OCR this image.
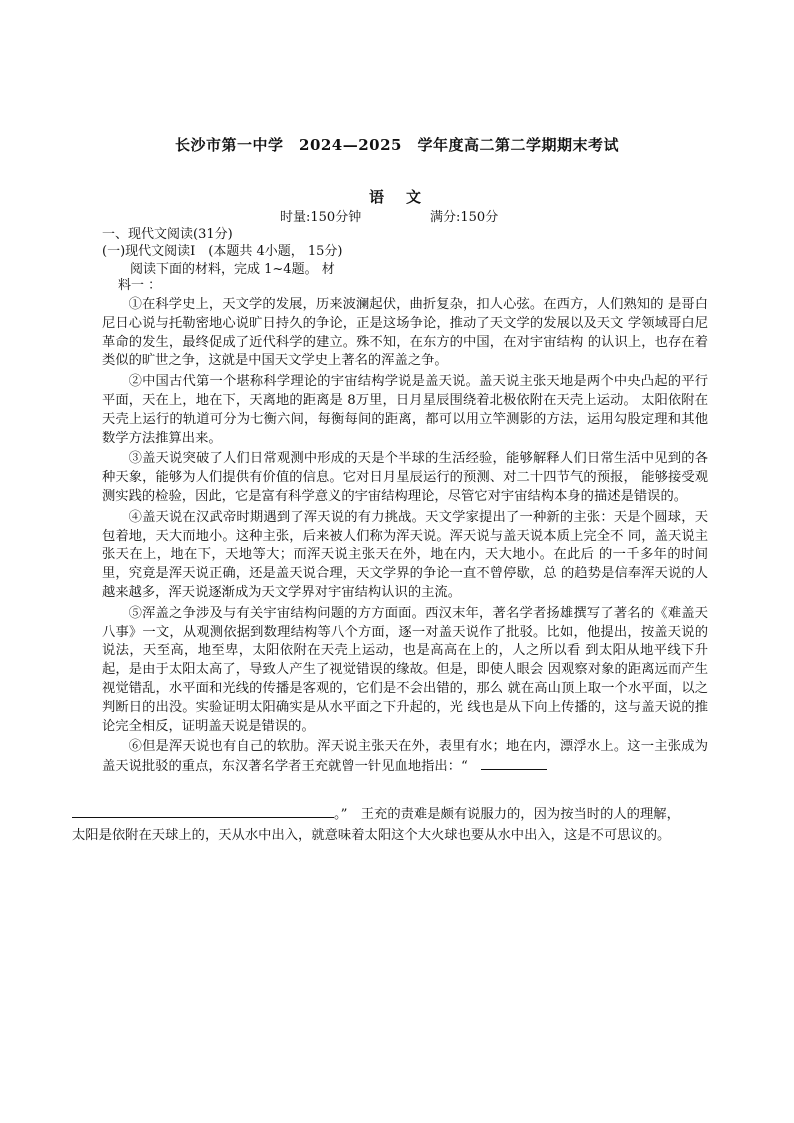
长沙市第一中学　2024—2025　学年度高二第二学期期末考试
语文
时量:150分钟	满分:150分
一、现代文阅读(31分)
(一)现代文阅读Ⅰ　(本题共 4小题， 15分)
阅读下面的材料，完成 1~4题。 材
料一 ：

①在科学史上，天文学的发展，历来波澜起伏，曲折复杂，扣人心弦。在西方，人们熟知的 是哥白尼日心说与托勒密地心说旷日持久的争论，正是这场争论，推动了天文学的发展以及天文 学领域哥白尼革命的发生，最终促成了近代科学的建立。殊不知，在东方的中国，在对宇宙结构 的认识上，也存在着类似的旷世之争，这就是中国天文学史上著名的浑盖之争。

②中国古代第一个堪称科学理论的宇宙结构学说是盖天说。盖天说主张天地是两个中央凸起的平行平面，天在上，地在下，天离地的距离是 8万里，日月星辰围绕着北极依附在天壳上运动。 太阳依附在天壳上运行的轨道可分为七衡六间，每衡每间的距离，都可以用立竿测影的方法，运用勾股定理和其他数学方法推算出来。

③盖天说突破了人们日常观测中形成的天是个半球的生活经验，能够解释人们日常生活中见到的各种天象，能够为人们提供有价值的信息。它对日月星辰运行的预测、对二十四节气的预报， 能够接受观测实践的检验，因此，它是富有科学意义的宇宙结构理论，尽管它对宇宙结构本身的描述是错误的。

④盖天说在汉武帝时期遇到了浑天说的有力挑战。天文学家提出了一种新的主张：天是个圆球，天包着地，天大而地小。这种主张，后来被人们称为浑天说。浑天说与盖天说本质上完全不 同，盖天说主张天在上，地在下，天地等大；而浑天说主张天在外，地在内，天大地小。在此后 的一千多年的时间里，究竟是浑天说正确，还是盖天说合理，天文学界的争论一直不曾停歇，总 的趋势是信奉浑天说的人越来越多，浑天说逐渐成为天文学界对宇宙结构认识的主流。

⑤浑盖之争涉及与有关宇宙结构问题的方方面面。西汉末年，著名学者扬雄撰写了著名的《难盖天八事》一文，从观测依据到数理结构等八个方面，逐一对盖天说作了批驳。比如，他提出，按盖天说的说法，天至高，地至卑，太阳依附在天壳上运动，也是高高在上的，人之所以看 到太阳从地平线下升起，是由于太阳太高了，导致人产生了视觉错误的缘故。但是，即使人眼会 因观察对象的距离远而产生视觉错乱，水平面和光线的传播是客观的，它们是不会出错的，那么 就在高山顶上取一个水平面，以之判断日的出没。实验证明太阳确实是从水平面之下升起的，光 线也是从下向上传播的，这与盖天说的推论完全相反，证明盖天说是错误的。

⑥但是浑天说也有自己的软肋。浑天说主张天在外，表里有水；地在内，漂浮水上。这一主张成为盖天说批驳的重点，东汉著名学者王充就曾一针见血地指出：“　

。”　王充的责难是颇有说服力的，因为按当时的人的理解，
太阳是依附在天球上的，天从水中出入，就意味着太阳这个大火球也要从水中出入，这是不可思议的。
